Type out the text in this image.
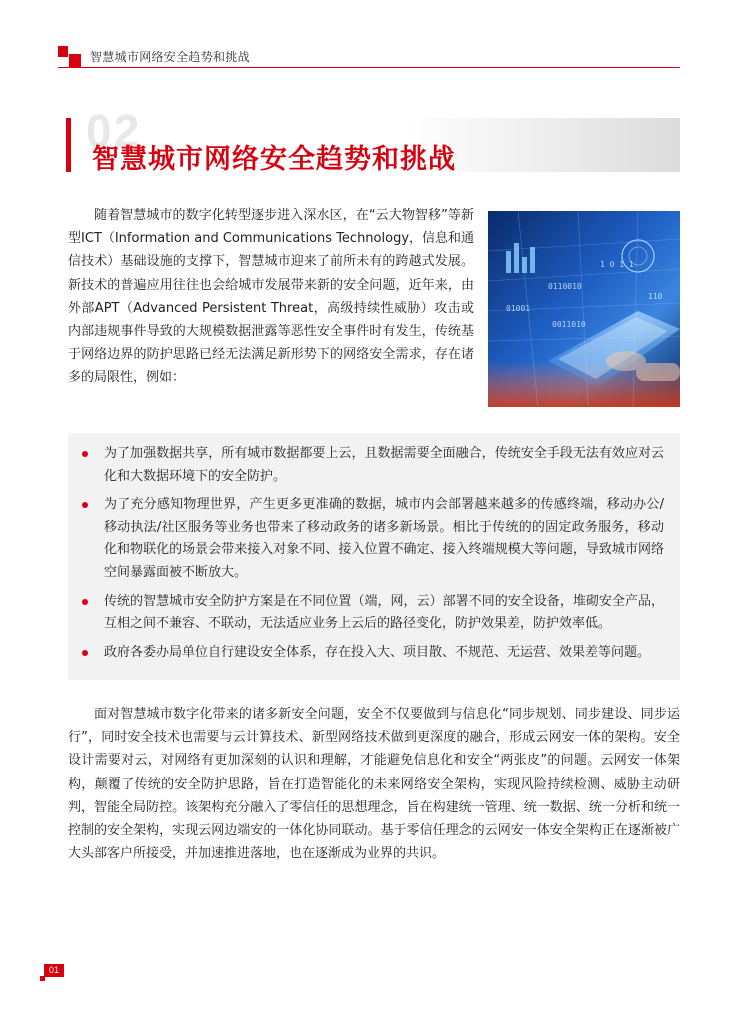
智慧城市网络安全趋势和挑战
02
智慧城市网络安全趋势和挑战

随着智慧城市的数字化转型逐步进入深水区，在“云大物智移”等新型ICT（Information and Communications Technology，信息和通信技术）基础设施的支撑下，智慧城市迎来了前所未有的跨越式发展。新技术的普遍应用往往也会给城市发展带来新的安全问题，近年来，由外部APT（Advanced Persistent Threat，高级持续性威胁）攻击或内部违规事件导致的大规模数据泄露等恶性安全事件时有发生，传统基于网络边界的防护思路已经无法满足新形势下的网络安全需求，存在诸多的局限性，例如：

0110010
1 0 1 1
01001
0011010
110
为了加强数据共享，所有城市数据都要上云，且数据需要全面融合，传统安全手段无法有效应对云化和大数据环境下的安全防护。
为了充分感知物理世界，产生更多更准确的数据，城市内会部署越来越多的传感终端，移动办公/移动执法/社区服务等业务也带来了移动政务的诸多新场景。相比于传统的的固定政务服务，移动化和物联化的场景会带来接入对象不同、接入位置不确定、接入终端规模大等问题，导致城市网络空间暴露面被不断放大。
传统的智慧城市安全防护方案是在不同位置（端，网，云）部署不同的安全设备，堆砌安全产品，互相之间不兼容、不联动，无法适应业务上云后的路径变化，防护效果差，防护效率低。
政府各委办局单位自行建设安全体系，存在投入大、项目散、不规范、无运营、效果差等问题。

面对智慧城市数字化带来的诸多新安全问题，安全不仅要做到与信息化“同步规划、同步建设、同步运行”，同时安全技术也需要与云计算技术、新型网络技术做到更深度的融合，形成云网安一体的架构。安全设计需要对云，对网络有更加深刻的认识和理解，才能避免信息化和安全“两张皮”的问题。云网安一体架构，颠覆了传统的安全防护思路，旨在打造智能化的未来网络安全架构，实现风险持续检测、威胁主动研判，智能全局防控。该架构充分融入了零信任的思想理念，旨在构建统一管理、统一数据、统一分析和统一控制的安全架构，实现云网边端安的一体化协同联动。基于零信任理念的云网安一体安全架构正在逐渐被广大头部客户所接受，并加速推进落地，也在逐渐成为业界的共识。

01
